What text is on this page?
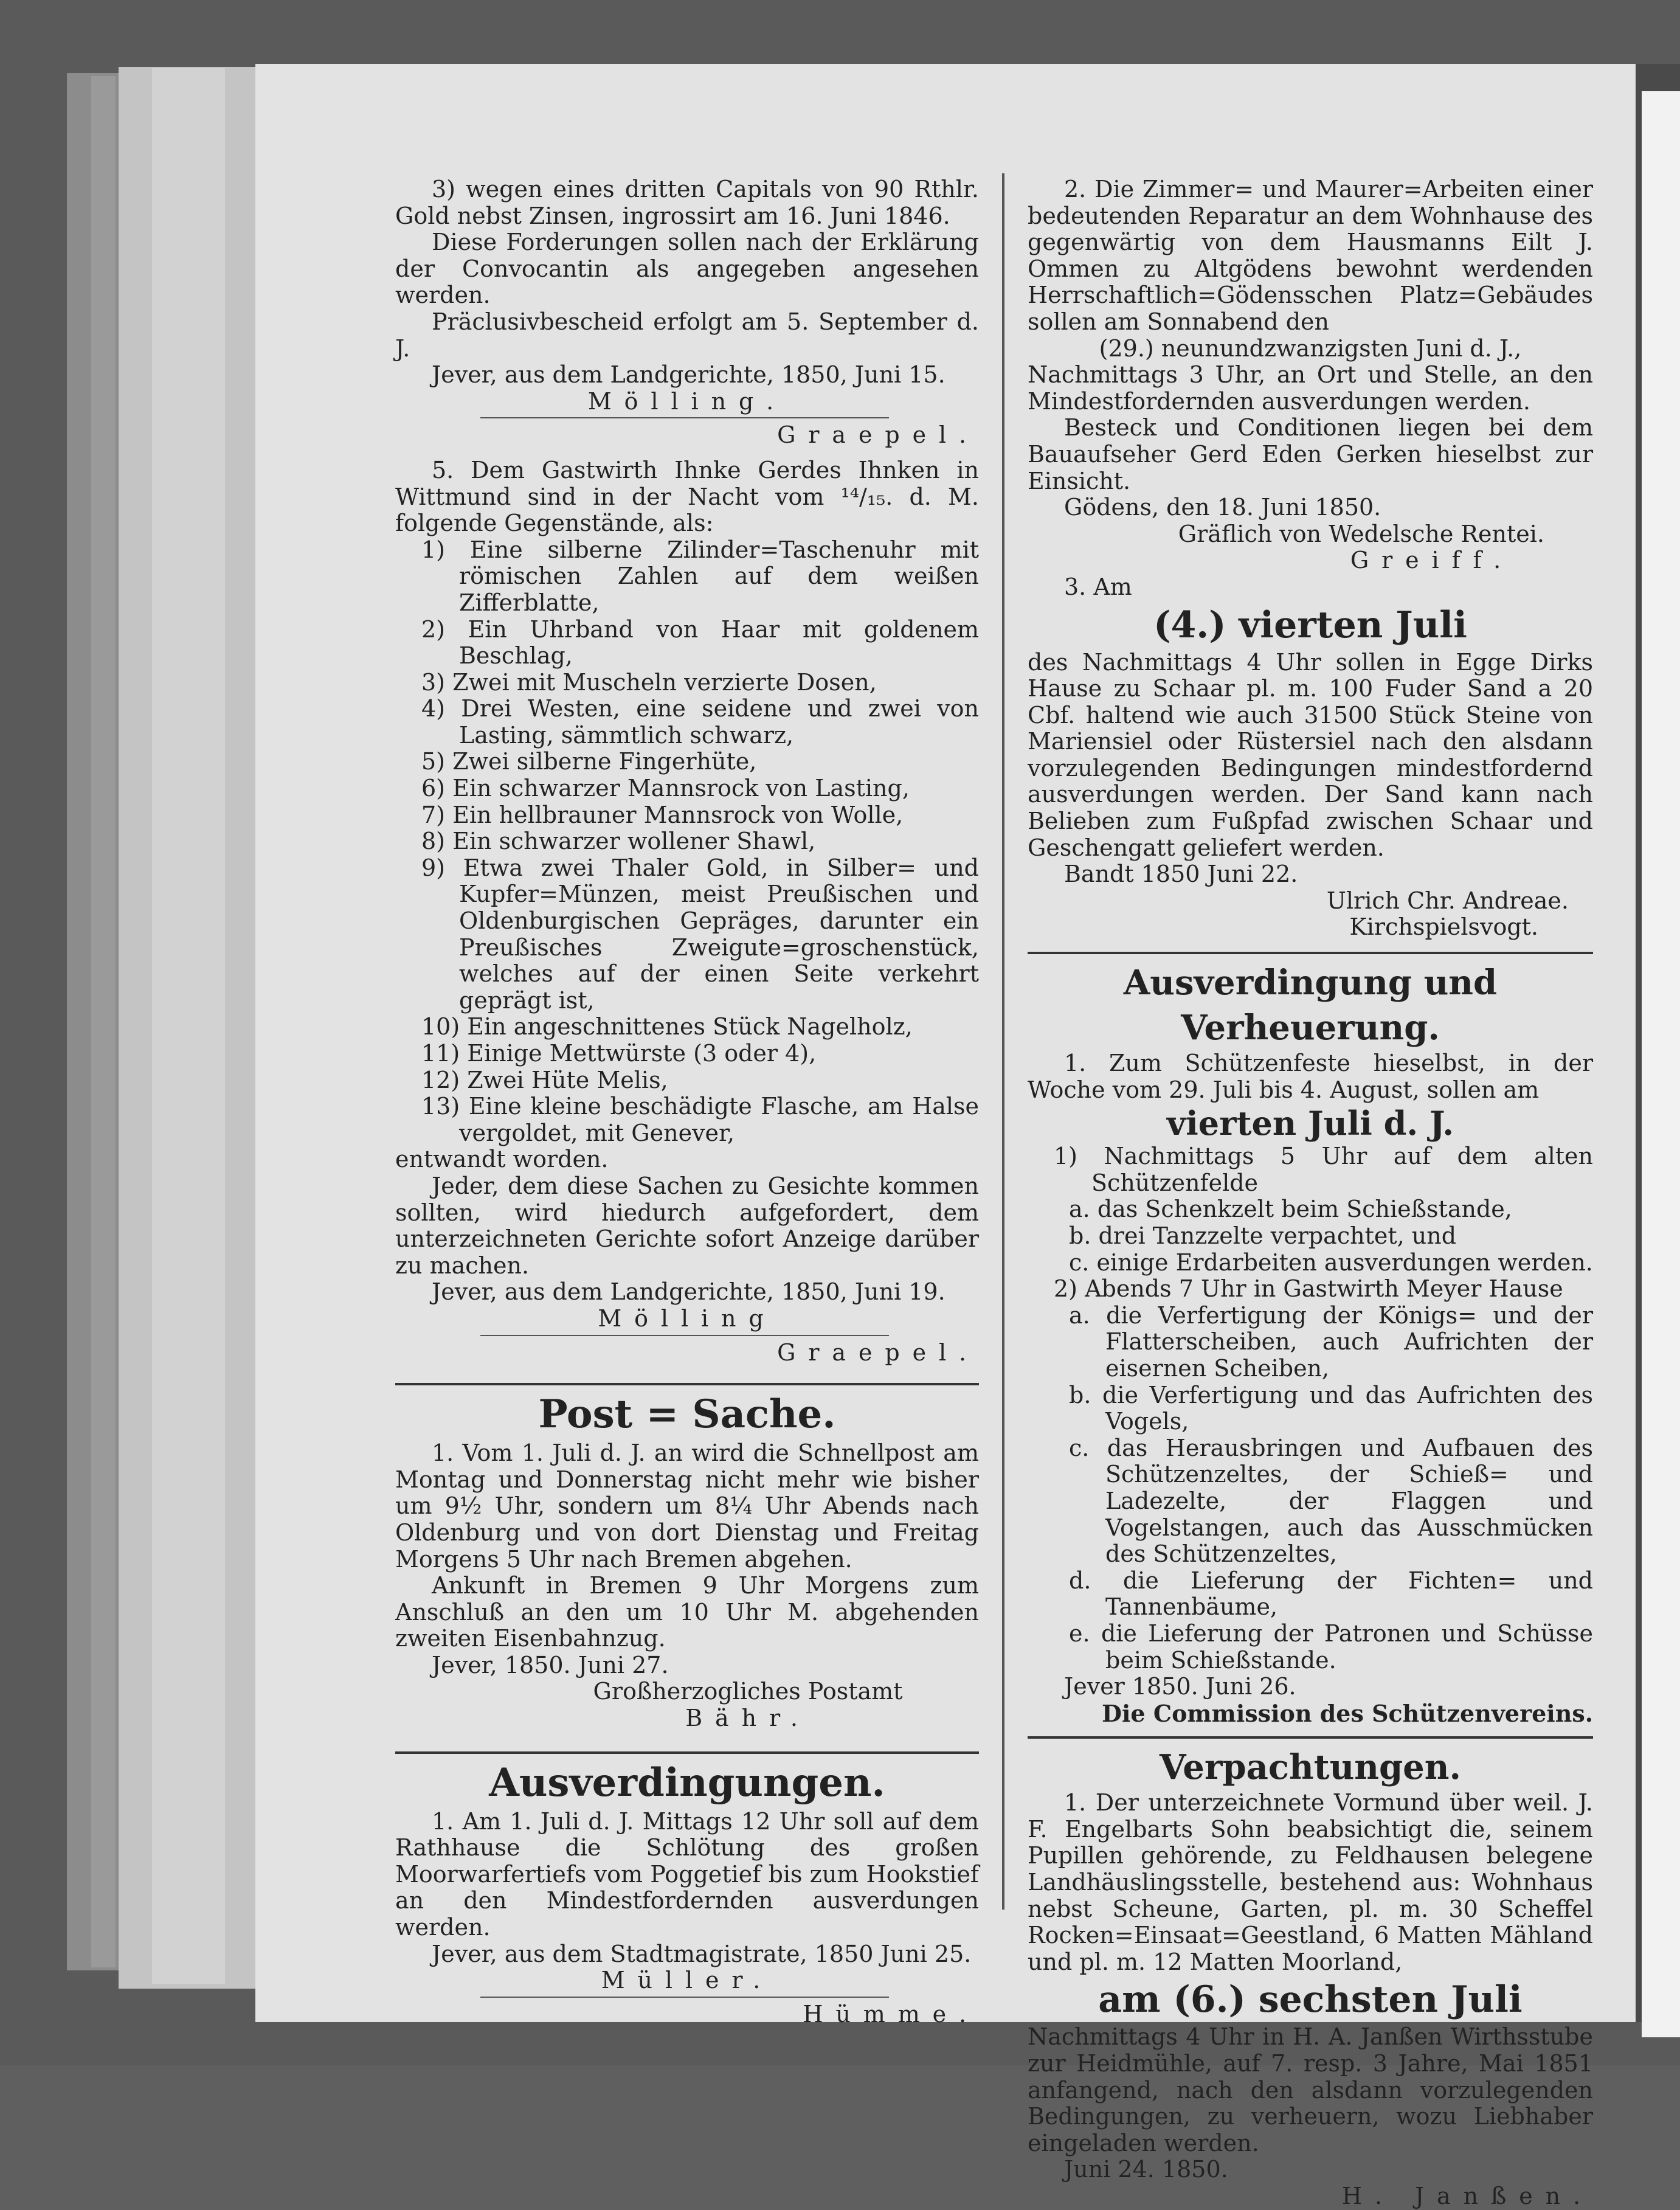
3) wegen eines dritten Capitals von 90 Rthlr. Gold nebst Zinsen, ingrossirt am 16. Juni 1846.

Diese Forderungen sollen nach der Erklärung der Convocantin als angegeben angesehen werden.

Präclusivbescheid erfolgt am 5. September d. J.

Jever, aus dem Landgerichte, 1850, Juni 15.

Mölling.

Graepel.

5. Dem Gastwirth Ihnke Gerdes Ihnken in Wittmund sind in der Nacht vom ¹⁴/₁₅. d. M. folgende Gegenstände, als:

1) Eine silberne Zilinder=Taschenuhr mit römischen Zahlen auf dem weißen Zifferblatte,

2) Ein Uhrband von Haar mit goldenem Beschlag,

3) Zwei mit Muscheln verzierte Dosen,

4) Drei Westen, eine seidene und zwei von Lasting, sämmtlich schwarz,

5) Zwei silberne Fingerhüte,

6) Ein schwarzer Mannsrock von Lasting,

7) Ein hellbrauner Mannsrock von Wolle,

8) Ein schwarzer wollener Shawl,

9) Etwa zwei Thaler Gold, in Silber= und Kupfer=Münzen, meist Preußischen und Oldenburgischen Gepräges, darunter ein Preußisches Zweigute=groschenstück, welches auf der einen Seite verkehrt geprägt ist,

10) Ein angeschnittenes Stück Nagelholz,

11) Einige Mettwürste (3 oder 4),

12) Zwei Hüte Melis,

13) Eine kleine beschädigte Flasche, am Halse vergoldet, mit Genever,

entwandt worden.

Jeder, dem diese Sachen zu Gesichte kommen sollten, wird hiedurch aufgefordert, dem unterzeichneten Gerichte sofort Anzeige darüber zu machen.

Jever, aus dem Landgerichte, 1850, Juni 19.

Mölling

Graepel.

Post = Sache.

1. Vom 1. Juli d. J. an wird die Schnellpost am Montag und Donnerstag nicht mehr wie bisher um 9½ Uhr, sondern um 8¼ Uhr Abends nach Oldenburg und von dort Dienstag und Freitag Morgens 5 Uhr nach Bremen abgehen.

Ankunft in Bremen 9 Uhr Morgens zum Anschluß an den um 10 Uhr M. abgehenden zweiten Eisenbahnzug.

Jever, 1850. Juni 27.

Großherzogliches Postamt

Bähr.

Ausverdingungen.

1. Am 1. Juli d. J. Mittags 12 Uhr soll auf dem Rathhause die Schlötung des großen Moorwarfertiefs vom Poggetief bis zum Hookstief an den Mindestfordernden ausverdungen werden.

Jever, aus dem Stadtmagistrate, 1850 Juni 25.

Müller.

Hümme.

2. Die Zimmer= und Maurer=Arbeiten einer bedeutenden Reparatur an dem Wohnhause des gegenwärtig von dem Hausmanns Eilt J. Ommen zu Altgödens bewohnt werdenden Herrschaftlich=Gödensschen Platz=Gebäudes sollen am Sonnabend den

(29.) neunundzwanzigsten Juni d. J.,

Nachmittags 3 Uhr, an Ort und Stelle, an den Mindestfordernden ausverdungen werden.

Besteck und Conditionen liegen bei dem Bauaufseher Gerd Eden Gerken hieselbst zur Einsicht.

Gödens, den 18. Juni 1850.

Gräflich von Wedelsche Rentei.

Greiff.

3. Am

(4.) vierten Juli

des Nachmittags 4 Uhr sollen in Egge Dirks Hause zu Schaar pl. m. 100 Fuder Sand a 20 Cbf. haltend wie auch 31500 Stück Steine von Mariensiel oder Rüstersiel nach den alsdann vorzulegenden Bedingungen mindestfordernd ausverdungen werden. Der Sand kann nach Belieben zum Fußpfad zwischen Schaar und Geschengatt geliefert werden.

Bandt 1850 Juni 22.

Ulrich Chr. Andreae.

Kirchspielsvogt.

Ausverdingung und Verheuerung.

1. Zum Schützenfeste hieselbst, in der Woche vom 29. Juli bis 4. August, sollen am

vierten Juli d. J.

1) Nachmittags 5 Uhr auf dem alten Schützenfelde

a. das Schenkzelt beim Schießstande,

b. drei Tanzzelte verpachtet, und

c. einige Erdarbeiten ausverdungen werden.

2) Abends 7 Uhr in Gastwirth Meyer Hause

a. die Verfertigung der Königs= und der Flatterscheiben, auch Aufrichten der eisernen Scheiben,

b. die Verfertigung und das Aufrichten des Vogels,

c. das Herausbringen und Aufbauen des Schützenzeltes, der Schieß= und Ladezelte, der Flaggen und Vogelstangen, auch das Ausschmücken des Schützenzeltes,

d. die Lieferung der Fichten= und Tannenbäume,

e. die Lieferung der Patronen und Schüsse beim Schießstande.

Jever 1850. Juni 26.

Die Commission des Schützenvereins.

Verpachtungen.

1. Der unterzeichnete Vormund über weil. J. F. Engelbarts Sohn beabsichtigt die, seinem Pupillen gehörende, zu Feldhausen belegene Landhäuslingsstelle, bestehend aus: Wohnhaus nebst Scheune, Garten, pl. m. 30 Scheffel Rocken=Einsaat=Geestland, 6 Matten Mähland und pl. m. 12 Matten Moorland,

am (6.) sechsten Juli

Nachmittags 4 Uhr in H. A. Janßen Wirthsstube zur Heidmühle, auf 7. resp. 3 Jahre, Mai 1851 anfangend, nach den alsdann vorzulegenden Bedingungen, zu verheuern, wozu Liebhaber eingeladen werden.

Juni 24. 1850.

H. Janßen.
